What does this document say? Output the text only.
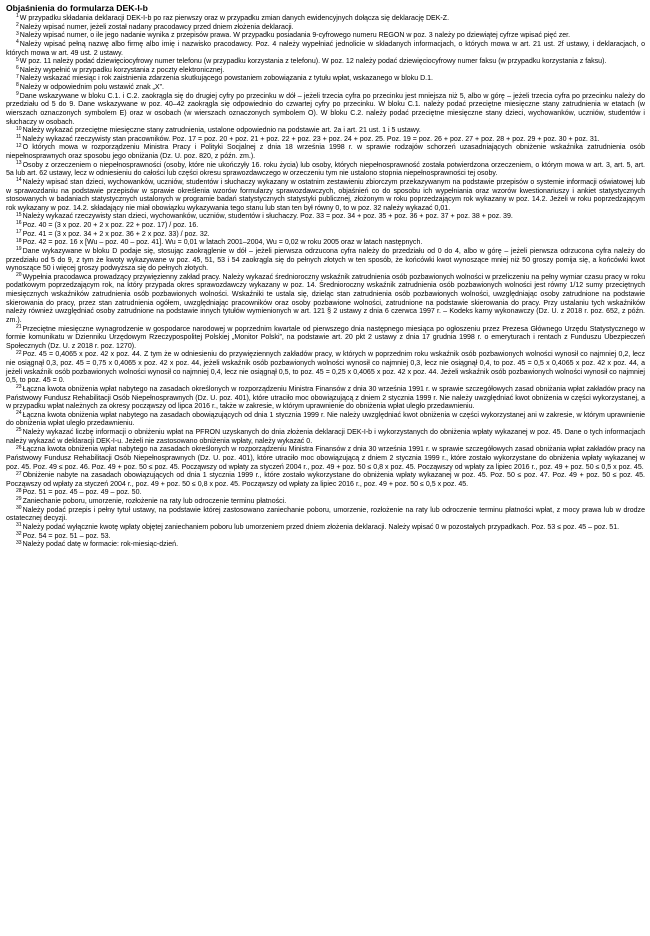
Objaśnienia do formularza DEK-I-b

$^1$W przypadku składania deklaracji DEK-I-b po raz pierwszy oraz w przypadku zmian danych ewidencyjnych dołącza się deklarację DEK-Z.

$^2$Należy wpisać numer, jeżeli został nadany pracodawcy przed dniem złożenia deklaracji.

$^3$Należy wpisać numer, o ile jego nadanie wynika z przepisów prawa. W przypadku posiadania 9-cyfrowego numeru REGON w poz. 3 należy po dziewiątej cyfrze wpisać pięć zer.

$^4$Należy wpisać pełną nazwę albo firmę albo imię i nazwisko pracodawcy. Poz. 4 należy wypełniać jednolicie w składanych informacjach, o których mowa w art. 21 ust. 2f ustawy, i deklaracjach, o których mowa w art. 49 ust. 2 ustawy.

$^5$W poz. 11 należy podać dziewięciocyfrowy numer telefonu (w przypadku korzystania z telefonu). W poz. 12 należy podać dziewięciocyfrowy numer faksu (w przypadku korzystania z faksu).

$^6$Należy wypełnić w przypadku korzystania z poczty elektronicznej.

$^7$Należy wskazać miesiąc i rok zaistnienia zdarzenia skutkującego powstaniem zobowiązania z tytułu wpłat, wskazanego w bloku D.1.

$^8$Należy w odpowiednim polu wstawić znak „X”.

$^9$Dane wskazywane w bloku C.1. i C.2. zaokrągla się do drugiej cyfry po przecinku w dół – jeżeli trzecia cyfra po przecinku jest mniejsza niż 5, albo w górę – jeżeli trzecia cyfra po przecinku należy do przedziału od 5 do 9. Dane wskazywane w poz. 40–42 zaokrągla się odpowiednio do czwartej cyfry po przecinku. W bloku C.1. należy podać przeciętne miesięczne stany zatrudnienia w etatach (w wierszach oznaczonych symbolem E) oraz w osobach (w wierszach oznaczonych symbolem O). W bloku C.2. należy podać przeciętne miesięczne stany dzieci, wychowanków, uczniów, studentów i słuchaczy w osobach.

$^{10}$Należy wykazać przeciętne miesięczne stany zatrudnienia, ustalone odpowiednio na podstawie art. 2a i art. 21 ust. 1 i 5 ustawy.

$^{11}$Należy wykazać rzeczywisty stan pracowników. Poz. 17 = poz. 20 + poz. 21 + poz. 22 + poz. 23 + poz. 24 + poz. 25. Poz. 19 = poz. 26 + poz. 27 + poz. 28 + poz. 29 + poz. 30 + poz. 31.

$^{12}$O których mowa w rozporządzeniu Ministra Pracy i Polityki Socjalnej z dnia 18 września 1998 r. w sprawie rodzajów schorzeń uzasadniających obniżenie wskaźnika zatrudnienia osób niepełnosprawnych oraz sposobu jego obniżania (Dz. U. poz. 820, z późn. zm.).

$^{13}$Osoby z orzeczeniem o niepełnosprawności (osoby, które nie ukończyły 16. roku życia) lub osoby, których niepełnosprawność została potwierdzona orzeczeniem, o którym mowa w art. 3, art. 5, art. 5a lub art. 62 ustawy, lecz w odniesieniu do całości lub części okresu sprawozdawczego w orzeczeniu tym nie ustalono stopnia niepełnosprawności tej osoby.

$^{14}$Należy wpisać stan dzieci, wychowanków, uczniów, studentów i słuchaczy wykazany w ostatnim zestawieniu zbiorczym przekazywanym na podstawie przepisów o systemie informacji oświatowej lub w sprawozdaniu na podstawie przepisów w sprawie określenia wzorów formularzy sprawozdawczych, objaśnień co do sposobu ich wypełniania oraz wzorów kwestionariuszy i ankiet statystycznych stosowanych w badaniach statystycznych ustalonych w programie badań statystycznych statystyki publicznej, złożonym w roku poprzedzającym rok wykazany w poz. 14.2. Jeżeli w roku poprzedzającym rok wykazany w poz. 14.2. składający nie miał obowiązku wykazywania tego stanu lub stan ten był równy 0, to w poz. 32 należy wykazać 0,01.

$^{15}$Należy wykazać rzeczywisty stan dzieci, wychowanków, uczniów, studentów i słuchaczy. Poz. 33 = poz. 34 + poz. 35 + poz. 36 + poz. 37 + poz. 38 + poz. 39.

$^{16}$Poz. 40 = (3 x poz. 20 + 2 x poz. 22 + poz. 17) / poz. 16.

$^{17}$Poz. 41 = (3 x poz. 34 + 2 x poz. 36 + 2 x poz. 33) / poz. 32.

$^{18}$Poz. 42 = poz. 16 x [Wu – poz. 40 – poz. 41]. Wu = 0,01 w latach 2001–2004, Wu = 0,02 w roku 2005 oraz w latach następnych.

$^{19}$Dane wykazywane w bloku D podaje się, stosując zaokrąglenie w dół – jeżeli pierwsza odrzucona cyfra należy do przedziału od 0 do 4, albo w górę – jeżeli pierwsza odrzucona cyfra należy do przedziału od 5 do 9, z tym że kwoty wykazywane w poz. 45, 51, 53 i 54 zaokrągla się do pełnych złotych w ten sposób, że końcówki kwot wynoszące mniej niż 50 groszy pomija się, a końcówki kwot wynoszące 50 i więcej groszy podwyższa się do pełnych złotych.

$^{20}$Wypełnia pracodawca prowadzący przywięzienny zakład pracy. Należy wykazać średnioroczny wskaźnik zatrudnienia osób pozbawionych wolności w przeliczeniu na pełny wymiar czasu pracy w roku podatkowym poprzedzającym rok, na który przypada okres sprawozdawczy wykazany w poz. 14. Średnioroczny wskaźnik zatrudnienia osób pozbawionych wolności jest równy 1/12 sumy przeciętnych miesięcznych wskaźników zatrudnienia osób pozbawionych wolności. Wskaźniki te ustala się, dzieląc stan zatrudnienia osób pozbawionych wolności, uwzględniając osoby zatrudnione na podstawie skierowania do pracy, przez stan zatrudnienia ogółem, uwzględniając pracowników oraz osoby pozbawione wolności, zatrudnione na podstawie skierowania do pracy. Przy ustalaniu tych wskaźników należy również uwzględniać osoby zatrudnione na podstawie innych tytułów wymienionych w art. 121 § 2 ustawy z dnia 6 czerwca 1997 r. – Kodeks karny wykonawczy (Dz. U. z 2018 r. poz. 652, z późn. zm.).

$^{21}$Przeciętne miesięczne wynagrodzenie w gospodarce narodowej w poprzednim kwartale od pierwszego dnia następnego miesiąca po ogłoszeniu przez Prezesa Głównego Urzędu Statystycznego w formie komunikatu w Dzienniku Urzędowym Rzeczypospolitej Polskiej „Monitor Polski”, na podstawie art. 20 pkt 2 ustawy z dnia 17 grudnia 1998 r. o emeryturach i rentach z Funduszu Ubezpieczeń Społecznych (Dz. U. z 2018 r. poz. 1270).

$^{22}$Poz. 45 = 0,4065 x poz. 42 x poz. 44. Z tym że w odniesieniu do przywięziennych zakładów pracy, w których w poprzednim roku wskaźnik osób pozbawionych wolności wynosił co najmniej 0,2, lecz nie osiągnął 0,3, poz. 45 = 0,75 x 0,4065 x poz. 42 x poz. 44, jeżeli wskaźnik osób pozbawionych wolności wynosił co najmniej 0,3, lecz nie osiągnął 0,4, to poz. 45 = 0,5 x 0,4065 x poz. 42 x poz. 44, a jeżeli wskaźnik osób pozbawionych wolności wynosił co najmniej 0,4, lecz nie osiągnął 0,5, to poz. 45 = 0,25 x 0,4065 x poz. 42 x poz. 44. Jeżeli wskaźnik osób pozbawionych wolności wynosił co najmniej 0,5, to poz. 45 = 0.

$^{23}$Łączna kwota obniżenia wpłat nabytego na zasadach określonych w rozporządzeniu Ministra Finansów z dnia 30 września 1991 r. w sprawie szczegółowych zasad obniżania wpłat zakładów pracy na Państwowy Fundusz Rehabilitacji Osób Niepełnosprawnych (Dz. U. poz. 401), które utraciło moc obowiązującą z dniem 2 stycznia 1999 r. Nie należy uwzględniać kwot obniżenia w części wykorzystanej, a w przypadku wpłat należnych za okresy począwszy od lipca 2016 r., także w zakresie, w którym uprawnienie do obniżenia wpłat uległo przedawnieniu.

$^{24}$Łączna kwota obniżenia wpłat nabytego na zasadach obowiązujących od dnia 1 stycznia 1999 r. Nie należy uwzględniać kwot obniżenia w części wykorzystanej ani w zakresie, w którym uprawnienie do obniżenia wpłat uległo przedawnieniu.

$^{25}$Należy wykazać liczbę informacji o obniżeniu wpłat na PFRON uzyskanych do dnia złożenia deklaracji DEK-I-b i wykorzystanych do obniżenia wpłaty wykazanej w poz. 45. Dane o tych informacjach należy wykazać w deklaracji DEK-I-u. Jeżeli nie zastosowano obniżenia wpłaty, należy wykazać 0.

$^{26}$Łączna kwota obniżenia wpłat nabytego na zasadach określonych w rozporządzeniu Ministra Finansów z dnia 30 września 1991 r. w sprawie szczegółowych zasad obniżania wpłat zakładów pracy na Państwowy Fundusz Rehabilitacji Osób Niepełnosprawnych (Dz. U. poz. 401), które utraciło moc obowiązującą z dniem 2 stycznia 1999 r., które zostało wykorzystane do obniżenia wpłaty wykazanej w poz. 45. Poz. 49 ≤ poz. 46. Poz. 49 + poz. 50 ≤ poz. 45. Począwszy od wpłaty za styczeń 2004 r., poz. 49 + poz. 50 ≤ 0,8 x poz. 45. Począwszy od wpłaty za lipiec 2016 r., poz. 49 + poz. 50 ≤ 0,5 x poz. 45.

$^{27}$Obniżenie nabyte na zasadach obowiązujących od dnia 1 stycznia 1999 r., które zostało wykorzystane do obniżenia wpłaty wykazanej w poz. 45. Poz. 50 ≤ poz. 47. Poz. 49 + poz. 50 ≤ poz. 45. Począwszy od wpłaty za styczeń 2004 r., poz. 49 + poz. 50 ≤ 0,8 x poz. 45. Począwszy od wpłaty za lipiec 2016 r., poz. 49 + poz. 50 ≤ 0,5 x poz. 45.

$^{28}$Poz. 51 = poz. 45 – poz. 49 – poz. 50.

$^{29}$Zaniechanie poboru, umorzenie, rozłożenie na raty lub odroczenie terminu płatności.

$^{30}$Należy podać przepis i pełny tytuł ustawy, na podstawie której zastosowano zaniechanie poboru, umorzenie, rozłożenie na raty lub odroczenie terminu płatności wpłat, z mocy prawa lub w drodze ostatecznej decyzji.

$^{31}$Należy podać wyłącznie kwotę wpłaty objętej zaniechaniem poboru lub umorzeniem przed dniem złożenia deklaracji. Należy wpisać 0 w pozostałych przypadkach. Poz. 53 ≤ poz. 45 – poz. 51.

$^{32}$Poz. 54 = poz. 51 – poz. 53.

$^{33}$Należy podać datę w formacie: rok-miesiąc-dzień.
